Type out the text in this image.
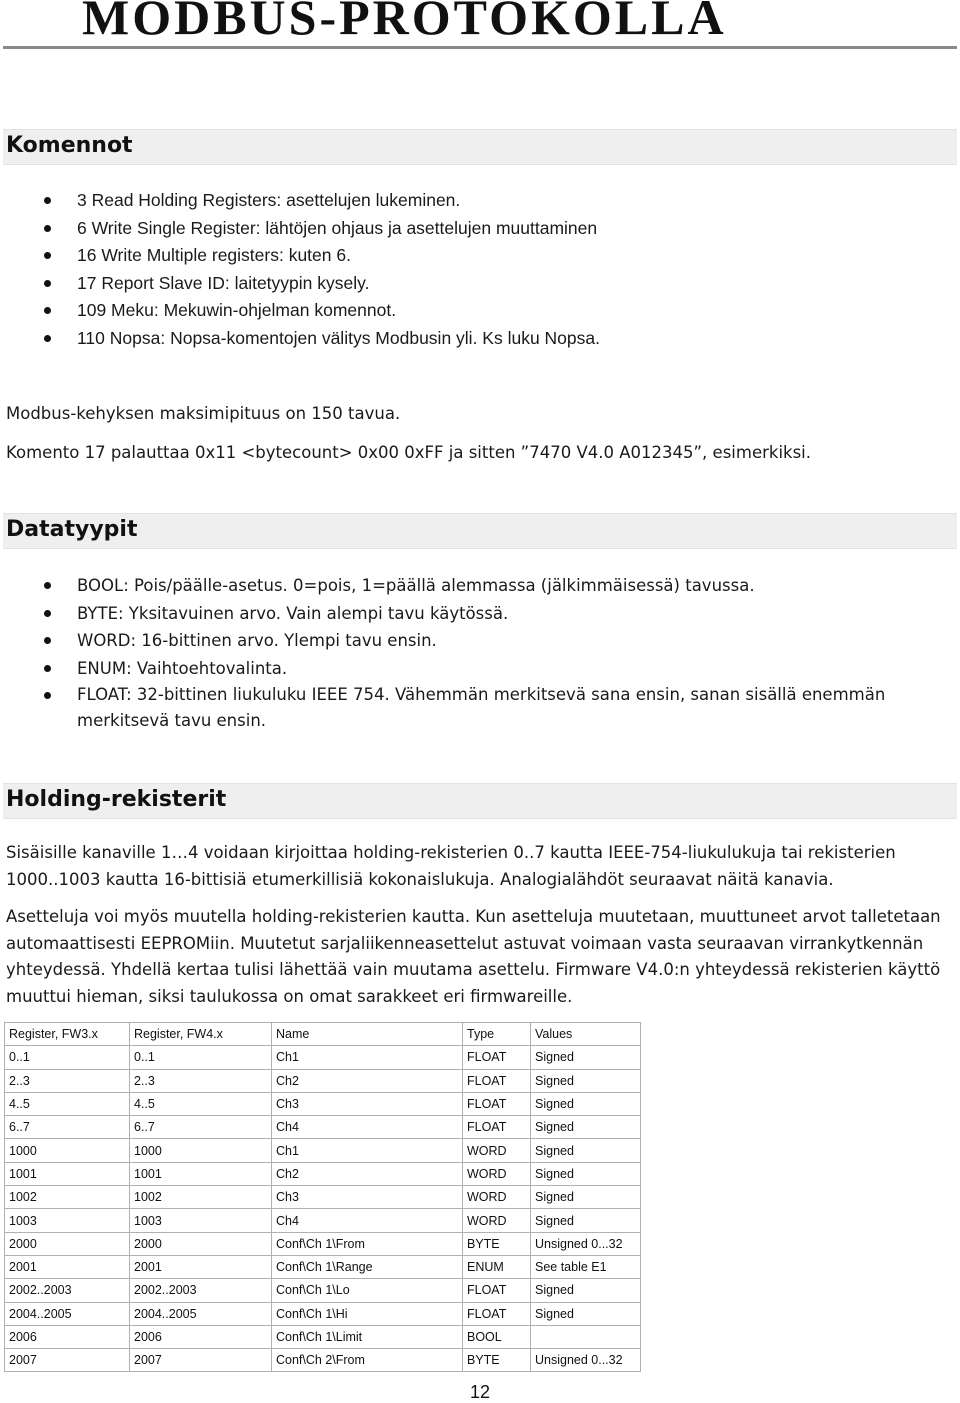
MODBUS-PROTOKOLLA
Komennot
3 Read Holding Registers: asettelujen lukeminen.
6 Write Single Register: lähtöjen ohjaus ja asettelujen muuttaminen
16 Write Multiple registers: kuten 6.
17 Report Slave ID: laitetyypin kysely.
109 Meku: Mekuwin-ohjelman komennot.
110 Nopsa: Nopsa-komentojen välitys Modbusin yli. Ks luku Nopsa.

Modbus-kehyksen maksimipituus on 150 tavua.

Komento 17 palauttaa 0x11 <bytecount> 0x00 0xFF ja sitten ”7470 V4.0 A012345”, esimerkiksi.

Datatyypit
BOOL: Pois/päälle-asetus. 0=pois, 1=päällä alemmassa (jälkimmäisessä) tavussa.
BYTE: Yksitavuinen arvo. Vain alempi tavu käytössä.
WORD: 16-bittinen arvo. Ylempi tavu ensin.
ENUM: Vaihtoehtovalinta.
FLOAT: 32-bittinen liukuluku IEEE 754. Vähemmän merkitsevä sana ensin, sanan sisällä enemmän merkitsevä tavu ensin.
Holding-rekisterit

Sisäisille kanaville 1…4 voidaan kirjoittaa holding-rekisterien 0..7 kautta IEEE-754-liukulukuja tai rekisterien 1000..1003 kautta 16-bittisiä etumerkillisiä kokonaislukuja. Analogialähdöt seuraavat näitä kanavia.

Asetteluja voi myös muutella holding-rekisterien kautta. Kun asetteluja muutetaan, muuttuneet arvot talletetaan automaattisesti EEPROMiin. Muutetut sarjaliikenneasettelut astuvat voimaan vasta seuraavan virrankytkennän yhteydessä. Yhdellä kertaa tulisi lähettää vain muutama asettelu. Firmware V4.0:n yhteydessä rekisterien käyttö muuttui hieman, siksi taulukossa on omat sarakkeet eri firmwareille.

Register, FW3.x	Register, FW4.x	Name	Type	Values
0..1	0..1	Ch1	FLOAT	Signed
2..3	2..3	Ch2	FLOAT	Signed
4..5	4..5	Ch3	FLOAT	Signed
6..7	6..7	Ch4	FLOAT	Signed
1000	1000	Ch1	WORD	Signed
1001	1001	Ch2	WORD	Signed
1002	1002	Ch3	WORD	Signed
1003	1003	Ch4	WORD	Signed
2000	2000	Conf\Ch 1\From	BYTE	Unsigned 0...32
2001	2001	Conf\Ch 1\Range	ENUM	See table E1
2002..2003	2002..2003	Conf\Ch 1\Lo	FLOAT	Signed
2004..2005	2004..2005	Conf\Ch 1\Hi	FLOAT	Signed
2006	2006	Conf\Ch 1\Limit	BOOL	
2007	2007	Conf\Ch 2\From	BYTE	Unsigned 0...32
12
